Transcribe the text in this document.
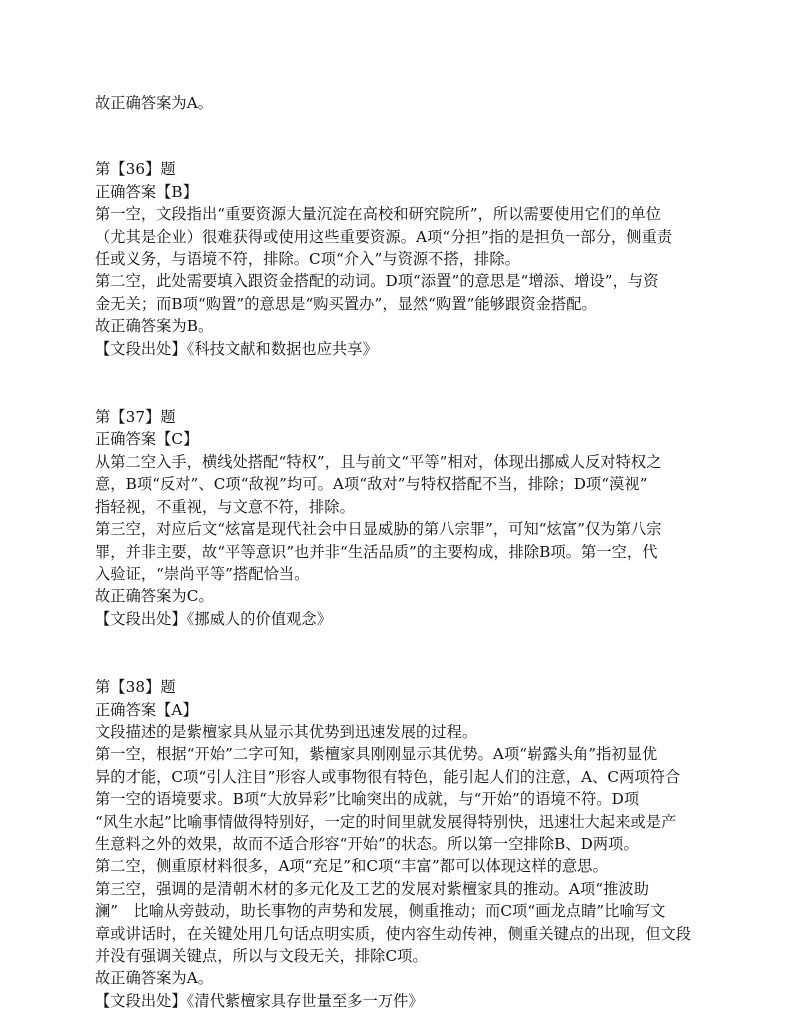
故正确答案为A。
第【36】题
正确答案【B】
第一空，文段指出“重要资源大量沉淀在高校和研究院所”，所以需要使用它们的单位
（尤其是企业）很难获得或使用这些重要资源。A项“分担”指的是担负一部分，侧重责
任或义务，与语境不符，排除。C项“介入”与资源不搭，排除。
第二空，此处需要填入跟资金搭配的动词。D项“添置”的意思是“增添、增设”，与资
金无关；而B项“购置”的意思是“购买置办”，显然“购置”能够跟资金搭配。
故正确答案为B。
【文段出处】《科技文献和数据也应共享》
第【37】题
正确答案【C】
从第二空入手，横线处搭配“特权”，且与前文“平等”相对，体现出挪威人反对特权之
意，B项“反对”、C项“敌视”均可。A项“敌对”与特权搭配不当，排除；D项“漠视”
指轻视，不重视，与文意不符，排除。
第三空，对应后文“炫富是现代社会中日显威胁的第八宗罪”，可知“炫富”仅为第八宗
罪，并非主要，故“平等意识”也并非“生活品质”的主要构成，排除B项。第一空，代
入验证，“崇尚平等”搭配恰当。
故正确答案为C。
【文段出处】《挪威人的价值观念》
第【38】题
正确答案【A】
文段描述的是紫檀家具从显示其优势到迅速发展的过程。
第一空，根据“开始”二字可知，紫檀家具刚刚显示其优势。A项“崭露头角”指初显优
异的才能，C项“引人注目”形容人或事物很有特色，能引起人们的注意，A、C两项符合
第一空的语境要求。B项“大放异彩”比喻突出的成就，与“开始”的语境不符。D项
“风生水起”比喻事情做得特别好，一定的时间里就发展得特别快，迅速壮大起来或是产
生意料之外的效果，故而不适合形容“开始”的状态。所以第一空排除B、D两项。
第二空，侧重原材料很多，A项“充足”和C项“丰富”都可以体现这样的意思。
第三空，强调的是清朝木材的多元化及工艺的发展对紫檀家具的推动。A项“推波助
澜”　比喻从旁鼓动，助长事物的声势和发展，侧重推动；而C项“画龙点睛”比喻写文
章或讲话时，在关键处用几句话点明实质，使内容生动传神，侧重关键点的出现，但文段
并没有强调关键点，所以与文段无关，排除C项。
故正确答案为A。
【文段出处】《清代紫檀家具存世量至多一万件》
